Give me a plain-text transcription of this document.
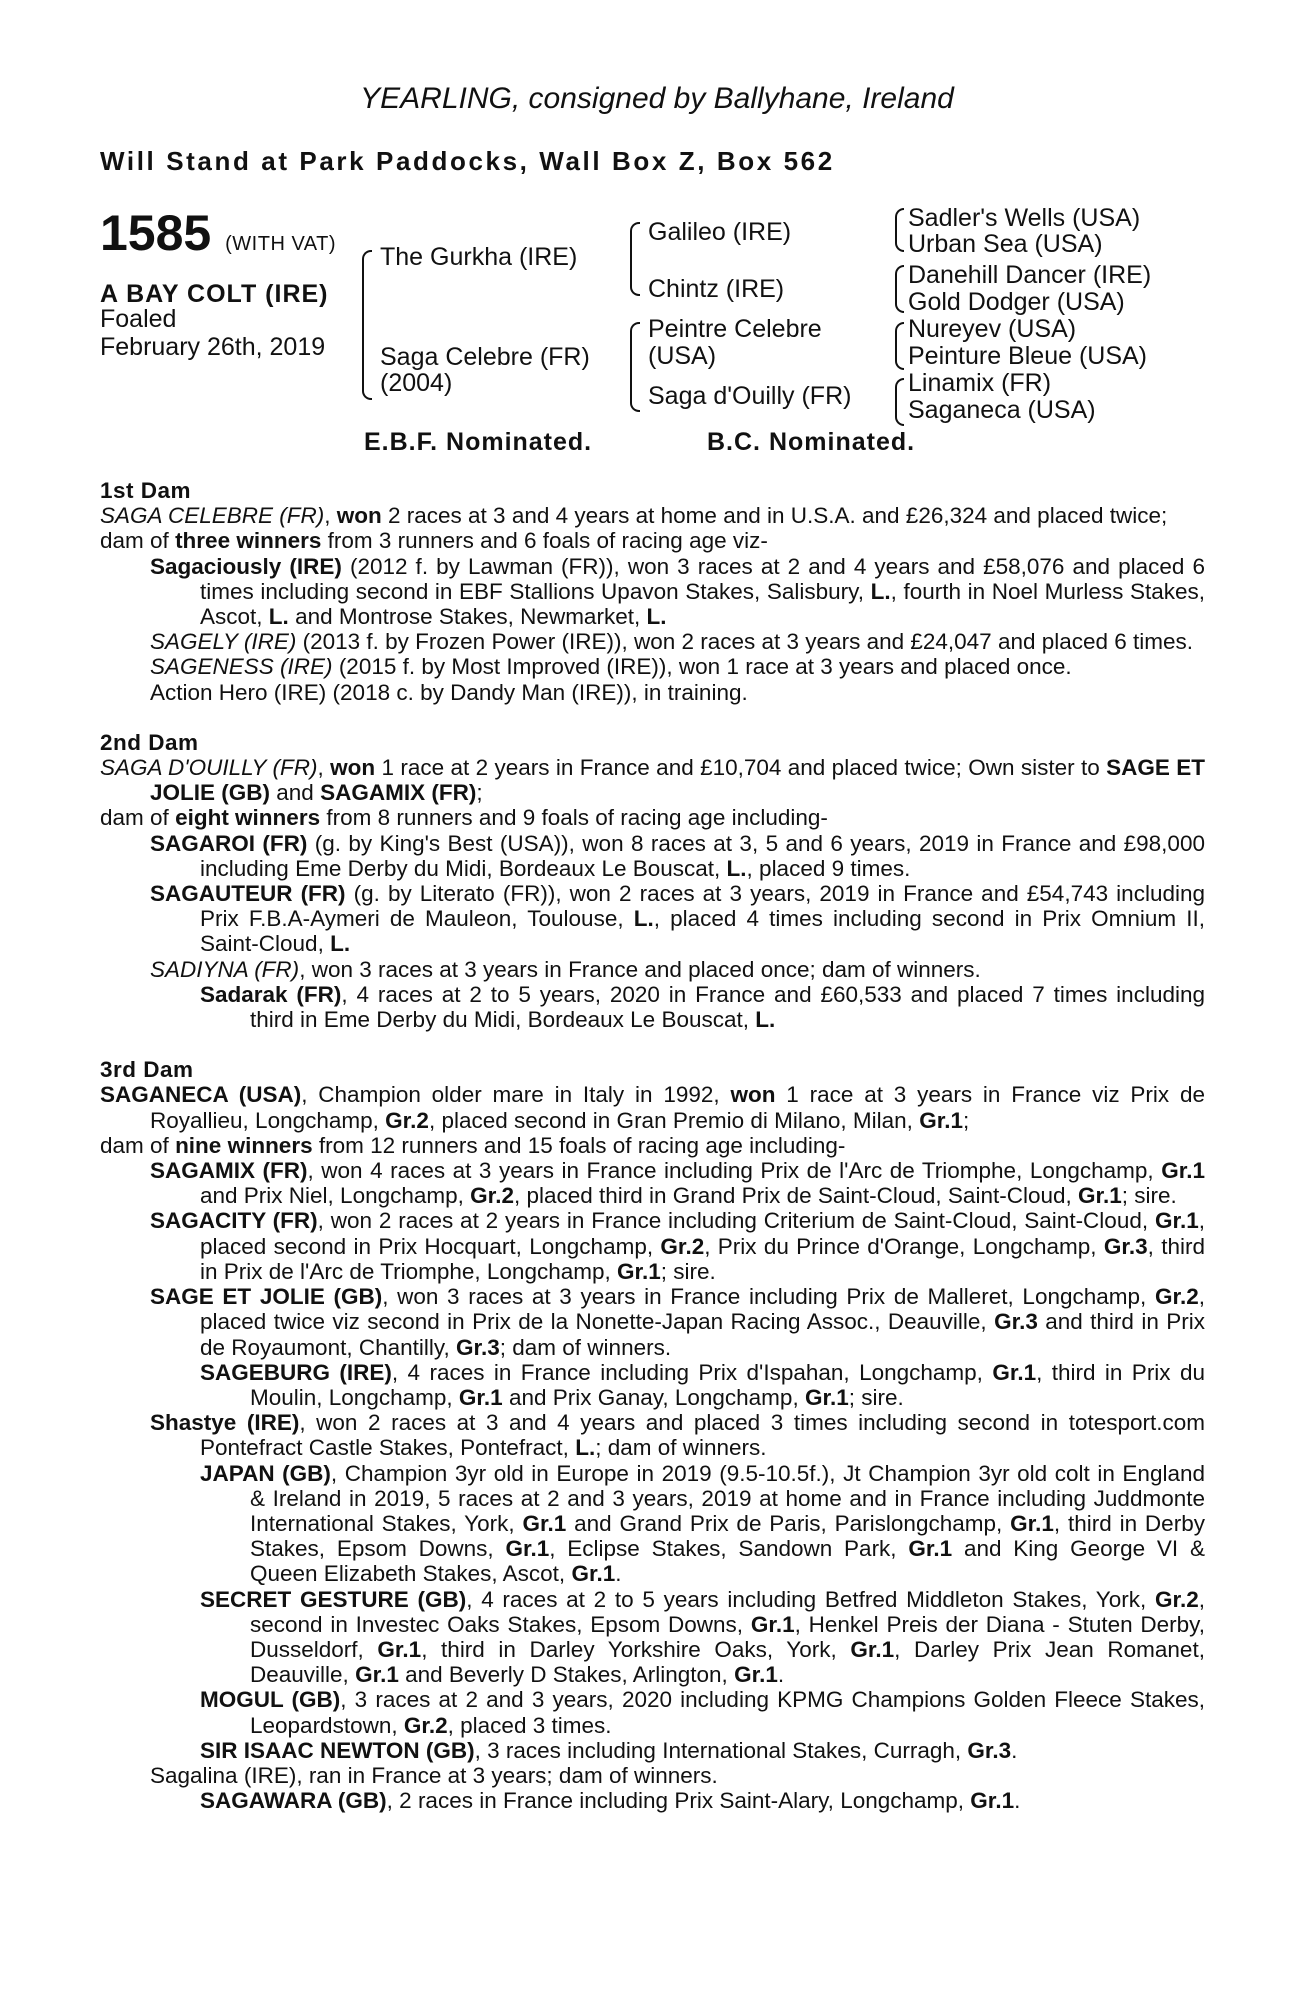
YEARLING, consigned by Ballyhane, Ireland
Will Stand at Park Paddocks, Wall Box Z, Box 562
1585 (WITH VAT)
A BAY COLT (IRE)
Foaled
February 26th, 2019
The Gurkha (IRE)
Saga Celebre (FR)
(2004)
Galileo (IRE)
Chintz (IRE)
Peintre Celebre
(USA)
Saga d'Ouilly (FR)
Sadler's Wells (USA)
Urban Sea (USA)
Danehill Dancer (IRE)
Gold Dodger (USA)
Nureyev (USA)
Peinture Bleue (USA)
Linamix (FR)
Saganeca (USA)
E.B.F. Nominated.	B.C. Nominated.
1st Dam
SAGA CELEBRE (FR), won 2 races at 3 and 4 years at home and in U.S.A. and £26,324 and placed twice;
dam of three winners from 3 runners and 6 foals of racing age viz-
Sagaciously (IRE) (2012 f. by Lawman (FR)), won 3 races at 2 and 4 years and £58,076 and placed 6 times including second in EBF Stallions Upavon Stakes, Salisbury, L., fourth in Noel Murless Stakes, Ascot, L. and Montrose Stakes, Newmarket, L.
SAGELY (IRE) (2013 f. by Frozen Power (IRE)), won 2 races at 3 years and £24,047 and placed 6 times.
SAGENESS (IRE) (2015 f. by Most Improved (IRE)), won 1 race at 3 years and placed once.
Action Hero (IRE) (2018 c. by Dandy Man (IRE)), in training.
2nd Dam
SAGA D'OUILLY (FR), won 1 race at 2 years in France and £10,704 and placed twice; Own sister to SAGE ET JOLIE (GB) and SAGAMIX (FR);
dam of eight winners from 8 runners and 9 foals of racing age including-
SAGAROI (FR) (g. by King's Best (USA)), won 8 races at 3, 5 and 6 years, 2019 in France and £98,000 including Eme Derby du Midi, Bordeaux Le Bouscat, L., placed 9 times.
SAGAUTEUR (FR) (g. by Literato (FR)), won 2 races at 3 years, 2019 in France and £54,743 including Prix F.B.A-Aymeri de Mauleon, Toulouse, L., placed 4 times including second in Prix Omnium II, Saint-Cloud, L.
SADIYNA (FR), won 3 races at 3 years in France and placed once; dam of winners.
Sadarak (FR), 4 races at 2 to 5 years, 2020 in France and £60,533 and placed 7 times including third in Eme Derby du Midi, Bordeaux Le Bouscat, L.
3rd Dam
SAGANECA (USA), Champion older mare in Italy in 1992, won 1 race at 3 years in France viz Prix de Royallieu, Longchamp, Gr.2, placed second in Gran Premio di Milano, Milan, Gr.1;
dam of nine winners from 12 runners and 15 foals of racing age including-
SAGAMIX (FR), won 4 races at 3 years in France including Prix de l'Arc de Triomphe, Longchamp, Gr.1 and Prix Niel, Longchamp, Gr.2, placed third in Grand Prix de Saint-Cloud, Saint-Cloud, Gr.1; sire.
SAGACITY (FR), won 2 races at 2 years in France including Criterium de Saint-Cloud, Saint-Cloud, Gr.1, placed second in Prix Hocquart, Longchamp, Gr.2, Prix du Prince d'Orange, Longchamp, Gr.3, third in Prix de l'Arc de Triomphe, Longchamp, Gr.1; sire.
SAGE ET JOLIE (GB), won 3 races at 3 years in France including Prix de Malleret, Longchamp, Gr.2, placed twice viz second in Prix de la Nonette-Japan Racing Assoc., Deauville, Gr.3 and third in Prix de Royaumont, Chantilly, Gr.3; dam of winners.
SAGEBURG (IRE), 4 races in France including Prix d'Ispahan, Longchamp, Gr.1, third in Prix du Moulin, Longchamp, Gr.1 and Prix Ganay, Longchamp, Gr.1; sire.
Shastye (IRE), won 2 races at 3 and 4 years and placed 3 times including second in totesport.com Pontefract Castle Stakes, Pontefract, L.; dam of winners.
JAPAN (GB), Champion 3yr old in Europe in 2019 (9.5-10.5f.), Jt Champion 3yr old colt in England & Ireland in 2019, 5 races at 2 and 3 years, 2019 at home and in France including Juddmonte International Stakes, York, Gr.1 and Grand Prix de Paris, Parislongchamp, Gr.1, third in Derby Stakes, Epsom Downs, Gr.1, Eclipse Stakes, Sandown Park, Gr.1 and King George VI & Queen Elizabeth Stakes, Ascot, Gr.1.
SECRET GESTURE (GB), 4 races at 2 to 5 years including Betfred Middleton Stakes, York, Gr.2, second in Investec Oaks Stakes, Epsom Downs, Gr.1, Henkel Preis der Diana - Stuten Derby, Dusseldorf, Gr.1, third in Darley Yorkshire Oaks, York, Gr.1, Darley Prix Jean Romanet, Deauville, Gr.1 and Beverly D Stakes, Arlington, Gr.1.
MOGUL (GB), 3 races at 2 and 3 years, 2020 including KPMG Champions Golden Fleece Stakes, Leopardstown, Gr.2, placed 3 times.
SIR ISAAC NEWTON (GB), 3 races including International Stakes, Curragh, Gr.3.
Sagalina (IRE), ran in France at 3 years; dam of winners.
SAGAWARA (GB), 2 races in France including Prix Saint-Alary, Longchamp, Gr.1.
